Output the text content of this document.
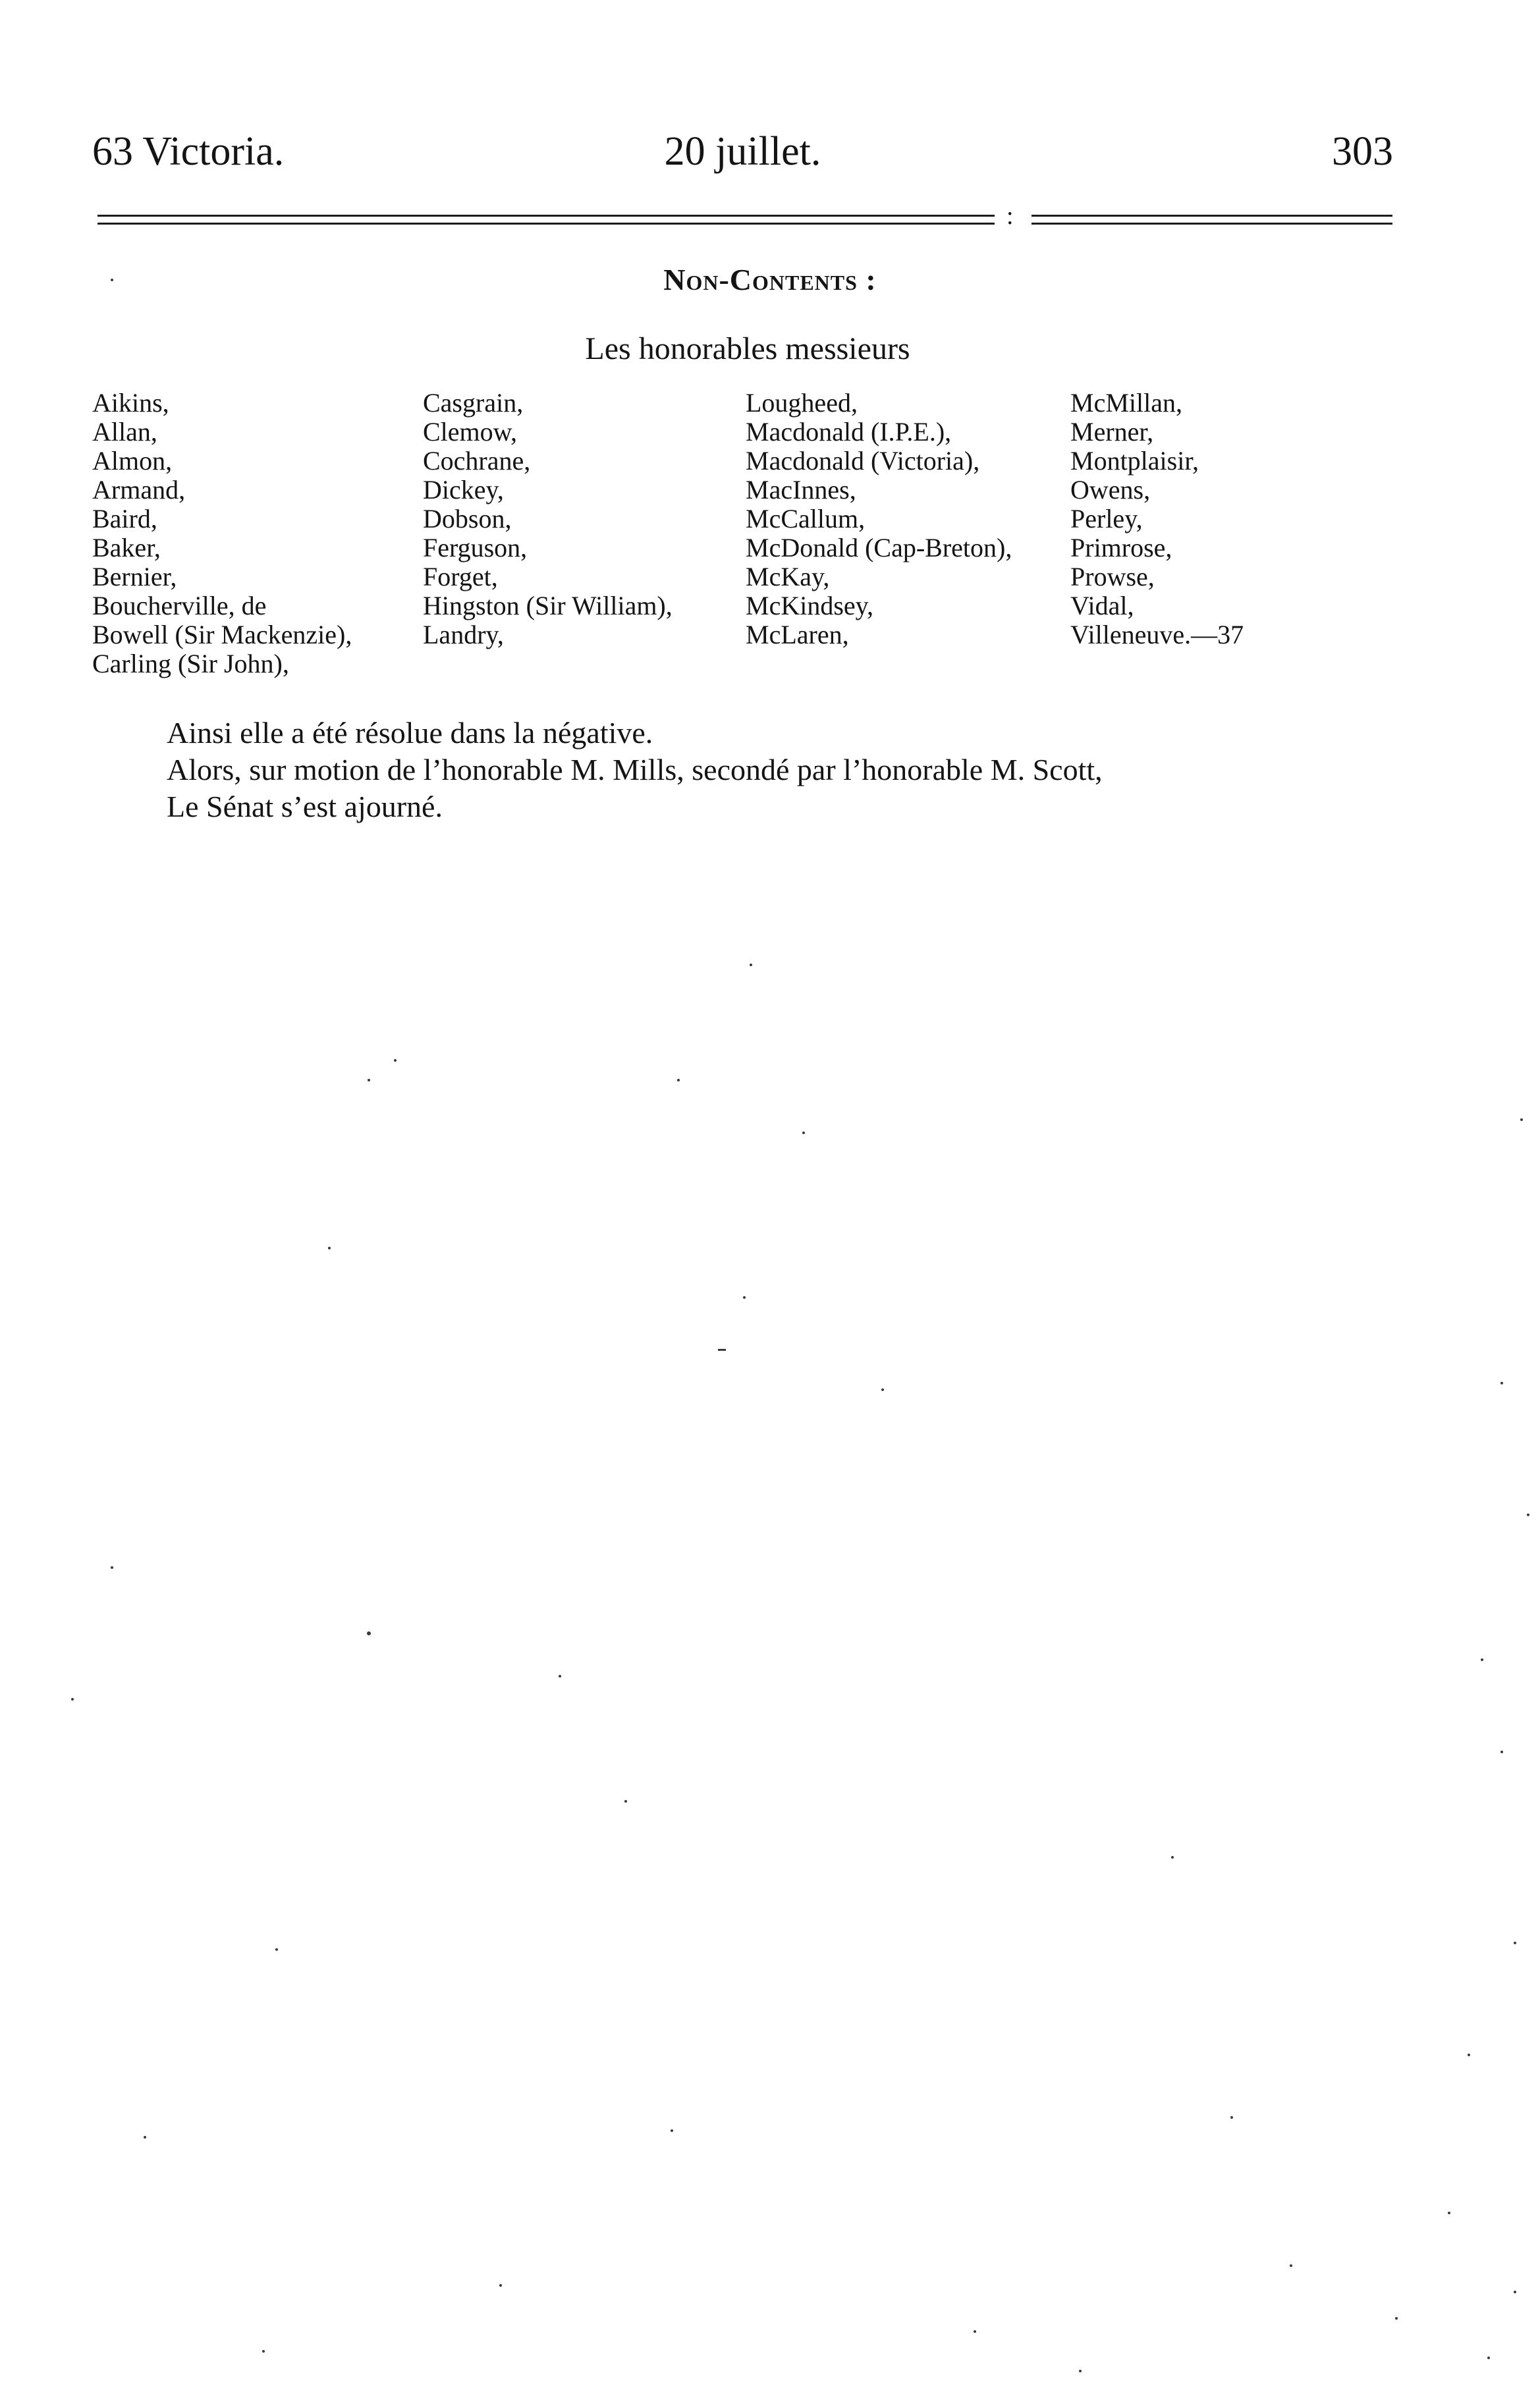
63 Victoria.	20 juillet.	303
:
Non-Contents :
Les honorables messieurs
Aikins,
Allan,
Almon,
Armand,
Baird,
Baker,
Bernier,
Boucherville, de
Bowell (Sir Mackenzie),
Carling (Sir John),
Casgrain,
Clemow,
Cochrane,
Dickey,
Dobson,
Ferguson,
Forget,
Hingston (Sir William),
Landry,
Lougheed,
Macdonald (I.P.E.),
Macdonald (Victoria),
MacInnes,
McCallum,
McDonald (Cap-Breton),
McKay,
McKindsey,
McLaren,
McMillan,
Merner,
Montplaisir,
Owens,
Perley,
Primrose,
Prowse,
Vidal,
Villeneuve.—37

Ainsi elle a été résolue dans la négative.

Alors, sur motion de l’honorable M. Mills, secondé par l’honorable M. Scott,

Le Sénat s’est ajourné.
